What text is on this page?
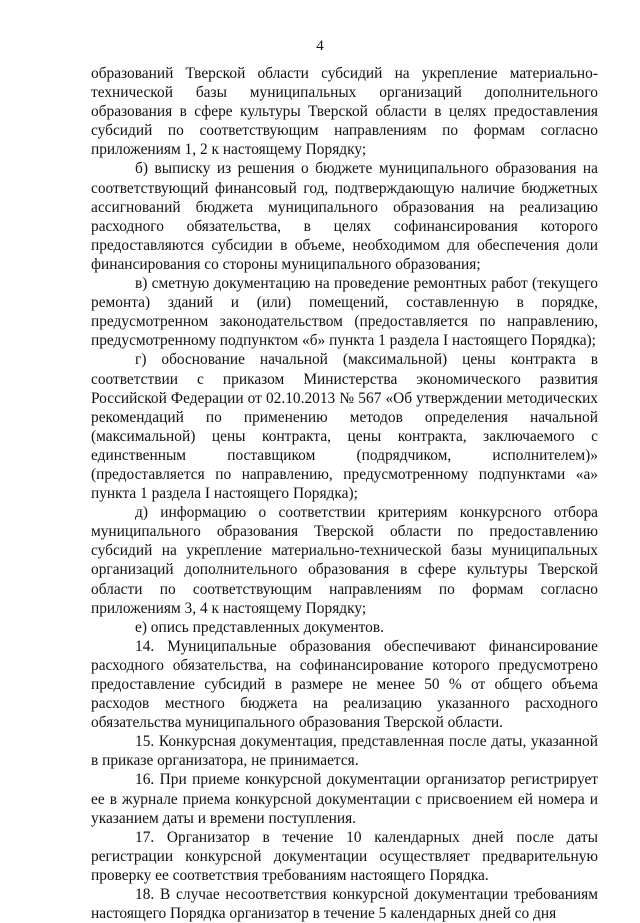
4

образований Тверской области субсидий на укрепление материально-технической базы муниципальных организаций дополнительного образования в сфере культуры Тверской области в целях предоставления субсидий по соответствующим направлениям по формам согласно приложениям 1, 2 к настоящему Порядку;

б) выписку из решения о бюджете муниципального образования на соответствующий финансовый год, подтверждающую наличие бюджетных ассигнований бюджета муниципального образования на реализацию расходного обязательства, в целях софинансирования которого предоставляются субсидии в объеме, необходимом для обеспечения доли финансирования со стороны муниципального образования;

в) сметную документацию на проведение ремонтных работ (текущего ремонта) зданий и (или) помещений, составленную в порядке, предусмотренном законодательством (предоставляется по направлению, предусмотренному подпунктом «б» пункта 1 раздела I настоящего Порядка);

г) обоснование начальной (максимальной) цены контракта в соответствии с приказом Министерства экономического развития Российской Федерации от 02.10.2013 № 567 «Об утверждении методических рекомендаций по применению методов определения начальной (максимальной) цены контракта, цены контракта, заключаемого с единственным поставщиком (подрядчиком, исполнителем)» (предоставляется по направлению, предусмотренному подпунктами «а» пункта 1 раздела I настоящего Порядка);

д) информацию о соответствии критериям конкурсного отбора муниципального образования Тверской области по предоставлению субсидий на укрепление материально-технической базы муниципальных организаций дополнительного образования в сфере культуры Тверской области по соответствующим направлениям по формам согласно приложениям 3, 4 к настоящему Порядку;

е) опись представленных документов.

14. Муниципальные образования обеспечивают финансирование расходного обязательства, на софинансирование которого предусмотрено предоставление субсидий в размере не менее 50 % от общего объема расходов местного бюджета на реализацию указанного расходного обязательства муниципального образования Тверской области.

15. Конкурсная документация, представленная после даты, указанной в приказе организатора, не принимается.

16. При приеме конкурсной документации организатор регистрирует ее в журнале приема конкурсной документации с присвоением ей номера и указанием даты и времени поступления.

17. Организатор в течение 10 календарных дней после даты регистрации конкурсной документации осуществляет предварительную проверку ее соответствия требованиям настоящего Порядка.

18. В случае несоответствия конкурсной документации требованиям настоящего Порядка организатор в течение 5 календарных дней со дня
